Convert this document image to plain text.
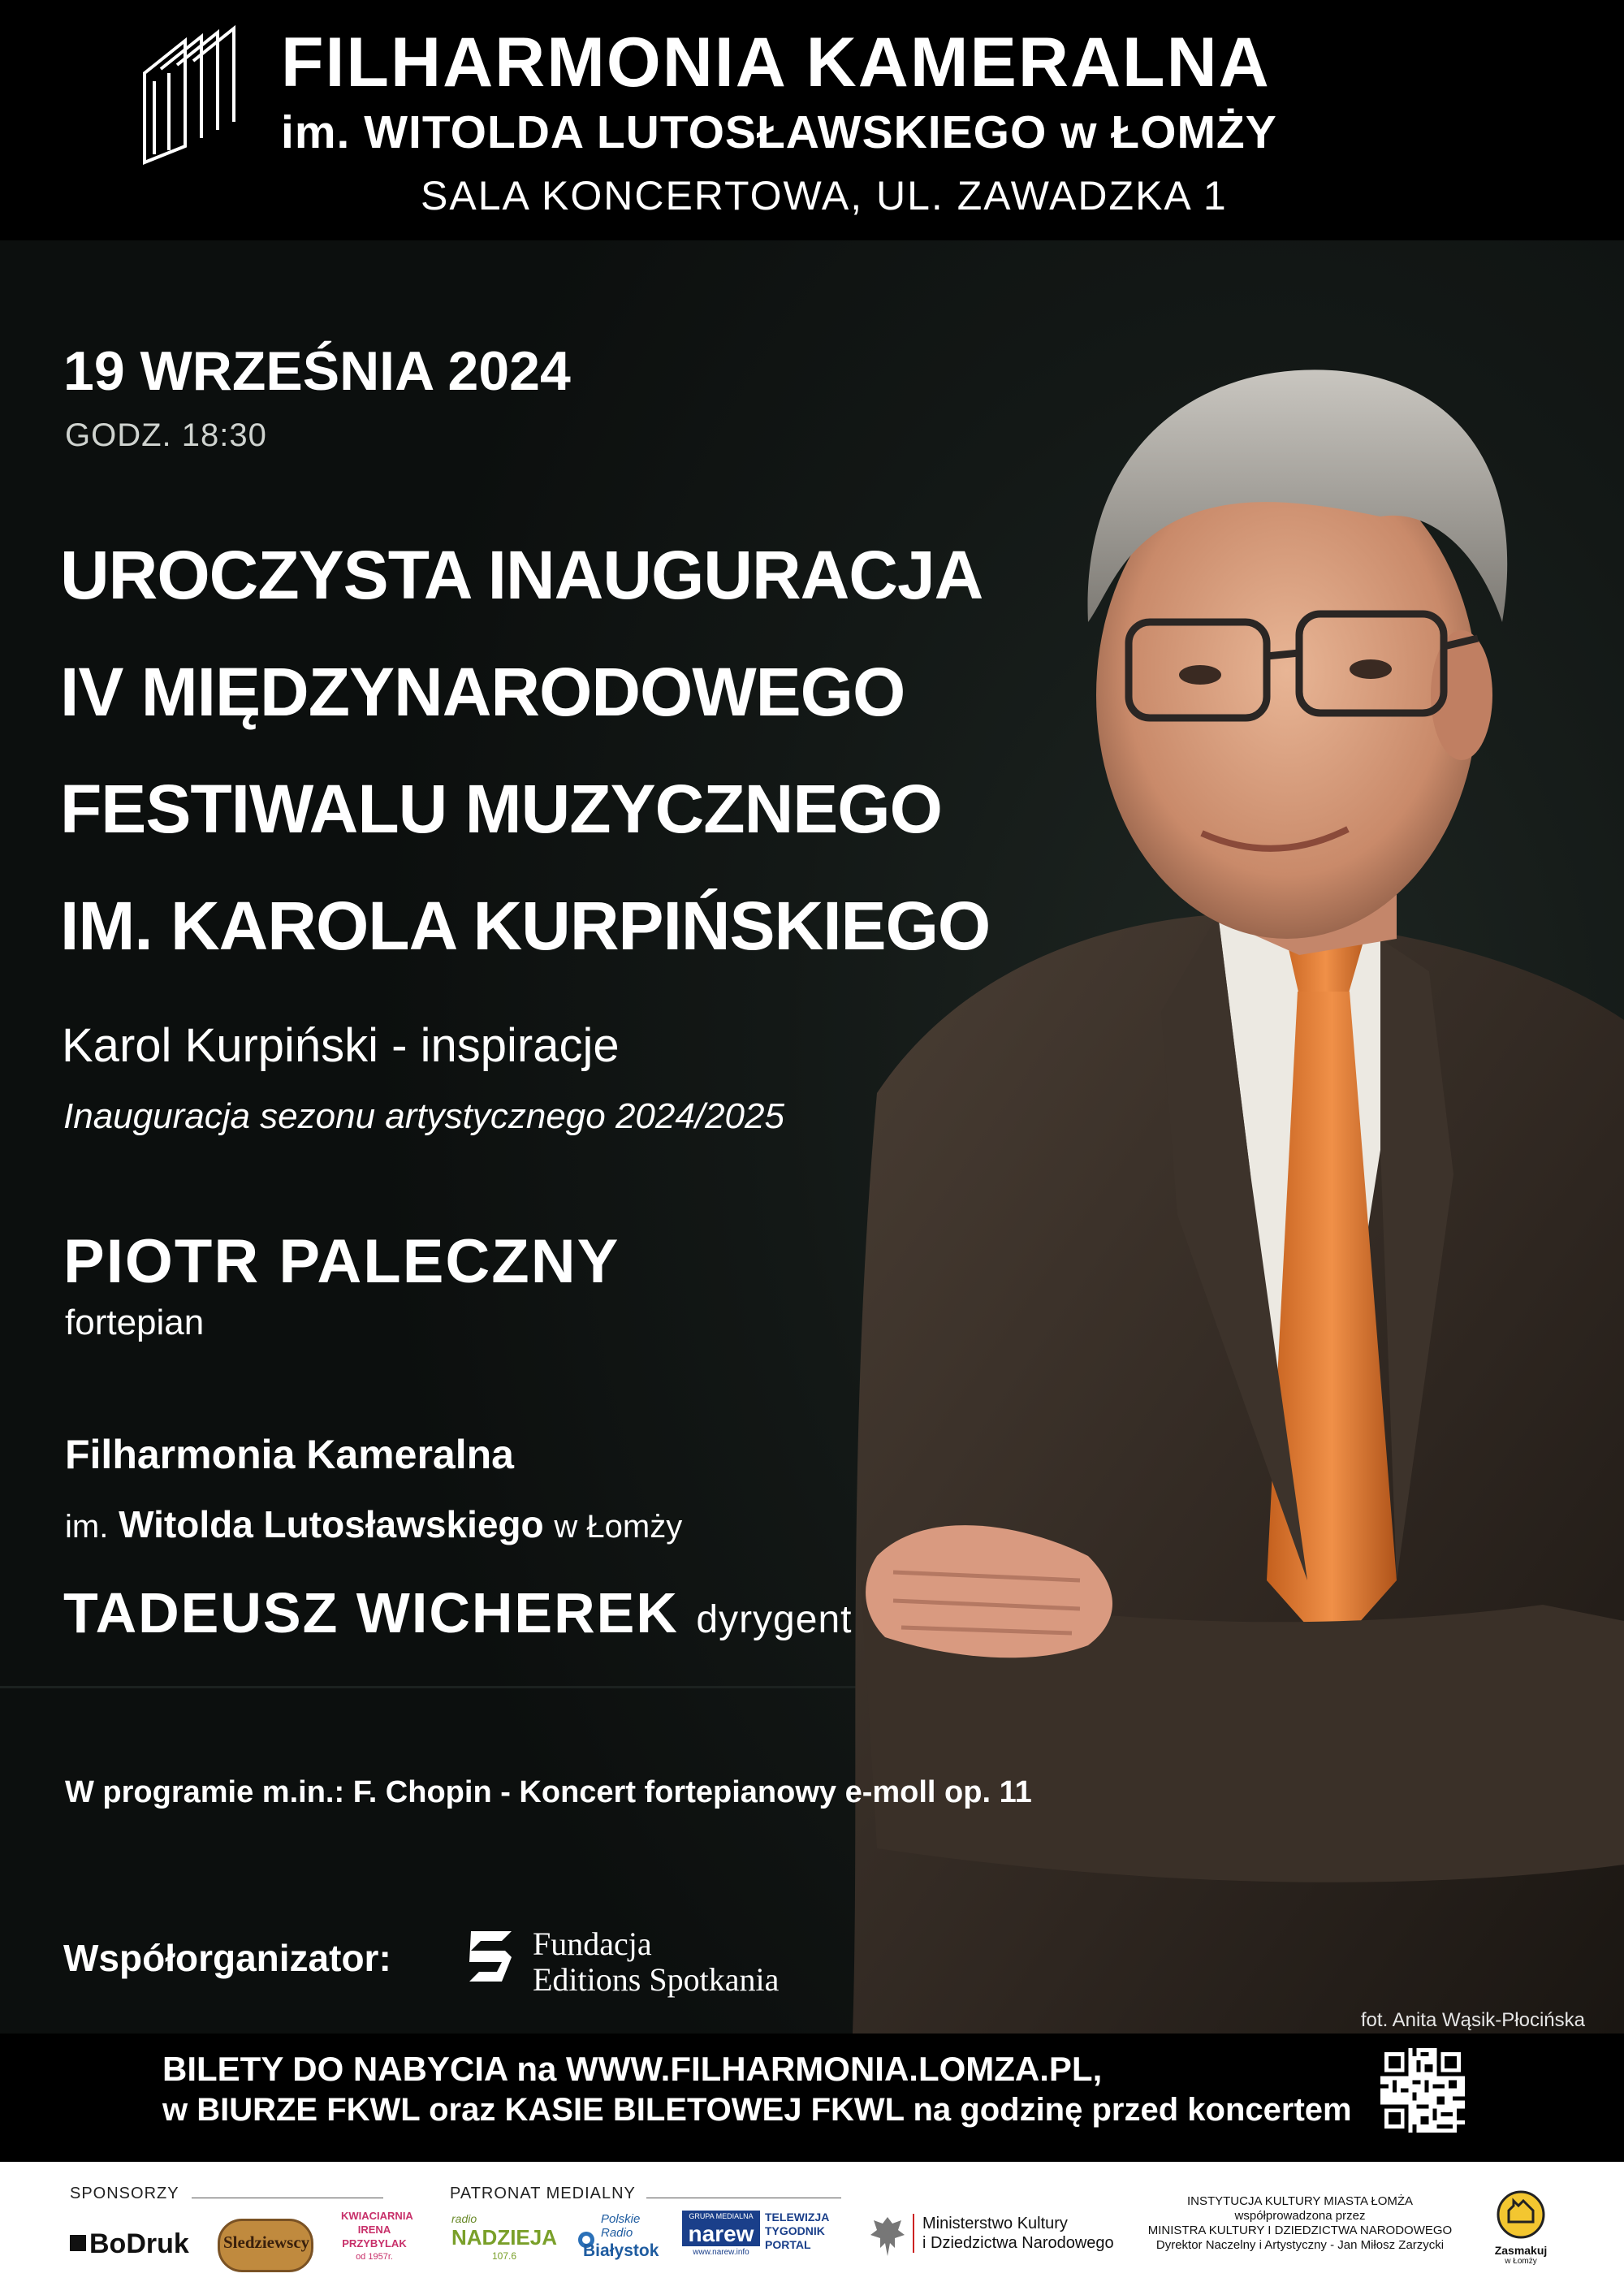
FILHARMONIA KAMERALNA
im. WITOLDA LUTOSŁAWSKIEGO w ŁOMŻY
SALA KONCERTOWA, UL. ZAWADZKA 1
19 WRZEŚNIA 2024
GODZ. 18:30
UROCZYSTA INAUGURACJA
IV MIĘDZYNARODOWEGO
FESTIWALU MUZYCZNEGO
IM. KAROLA KURPIŃSKIEGO
Karol Kurpiński - inspiracje
Inauguracja sezonu artystycznego 2024/2025
PIOTR PALECZNY
fortepian
Filharmonia Kameralna
im. Witolda Lutosławskiego w Łomży
TADEUSZ WICHEREK dyrygent
W programie m.in.: F. Chopin - Koncert fortepianowy e-moll op. 11
Współorganizator:	Fundacja
Editions Spotkania
fot. Anita Wąsik-Płocińska
BILETY DO NABYCIA na WWW.FILHARMONIA.LOMZA.PL,
w BIURZE FKWL oraz KASIE BILETOWEJ FKWL na godzinę przed koncertem
SPONSORZY	PATRONAT MEDIALNY
BoDruk Sledziewscy
KWIACIARNIA
IRENA
PRZYBYLAK
od 1957r.
radio
NADZIEJA
107.6
Polskie
Radio
Białystok
GRUPA MEDIALNA
narew
www.narew.info
TELEWIZJA
TYGODNIK
PORTAL
Ministerstwo Kultury
i Dziedzictwa Narodowego
INSTYTUCJA KULTURY MIASTA ŁOMŻA
współprowadzona przez
MINISTRA KULTURY I DZIEDZICTWA NARODOWEGO
Dyrektor Naczelny i Artystyczny - Jan Miłosz Zarzycki	Zasmakuj
w Łomży
